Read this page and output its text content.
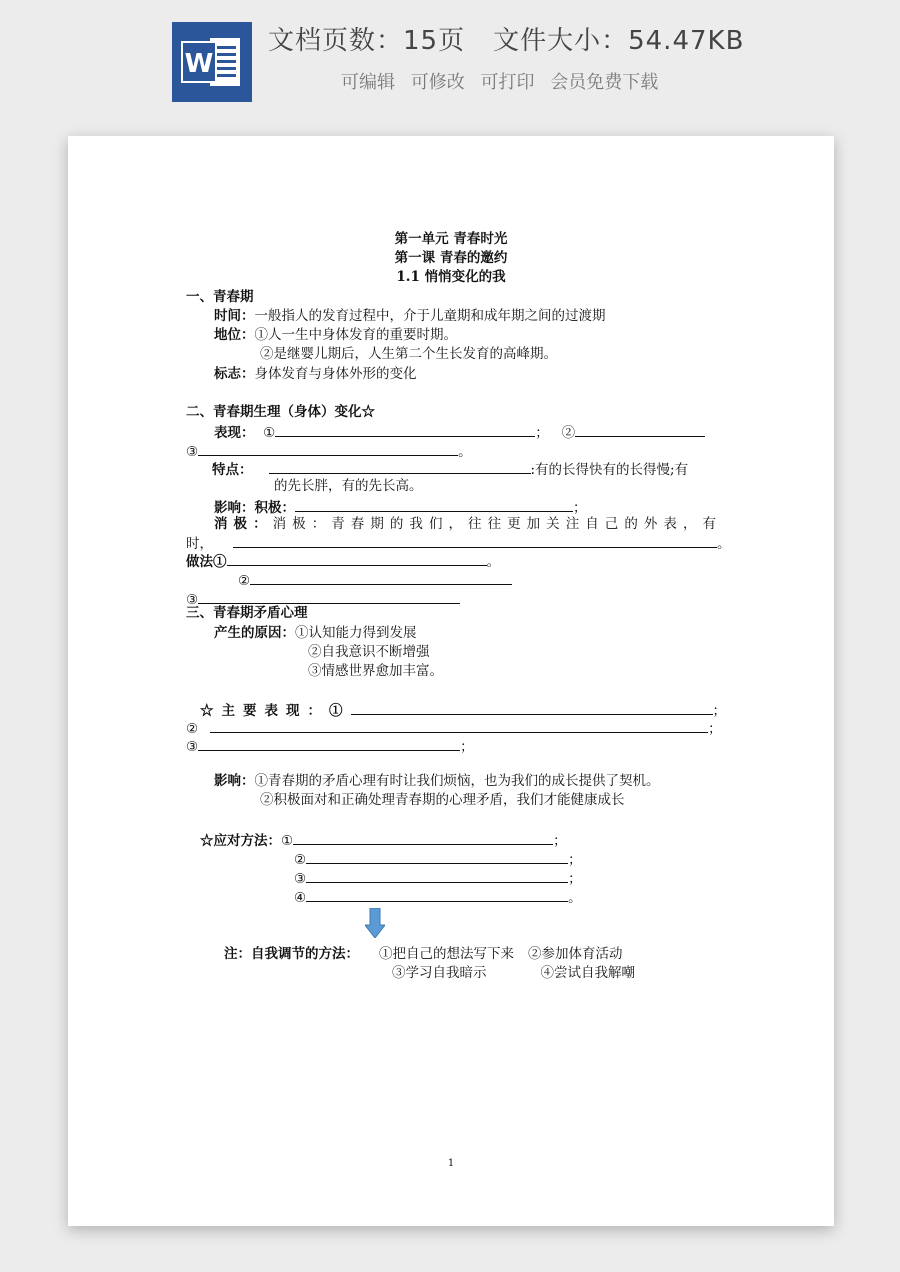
W
文档页数：15页 文件大小：54.47KB
可编辑 可修改 可打印 会员免费下载
第一单元 青春时光
第一课 青春的邀约
1.1 悄悄变化的我
一、青春期
时间：一般指人的发育过程中，介于儿童期和成年期之间的过渡期
地位：①人一生中身体发育的重要时期。
②是继婴儿期后，人生第二个生长发育的高峰期。
标志：身体发育与身体外形的变化
二、青春期生理（身体）变化☆
表现： ①	； ②
③	。
特点：	:有的长得快有的长得慢;有
的先长胖，有的先长高。
影响：积极：	；
消极：消极：青春期的我们，往往更加关注自己的外表，有
时，	。
做法①	。
②
③
三、青春期矛盾心理
产生的原因：①认知能力得到发展
②自我意识不断增强
③情感世界愈加丰富。
☆主要表现：①	；
②	；
③	；
影响：①青春期的矛盾心理有时让我们烦恼，也为我们的成长提供了契机。
②积极面对和正确处理青春期的心理矛盾，我们才能健康成长
☆应对方法：①	；
②	；
③	；
④	。
注：自我调节的方法： ①把自己的想法写下来 ②参加体育活动
③学习自我暗示	④尝试自我解嘲
1
